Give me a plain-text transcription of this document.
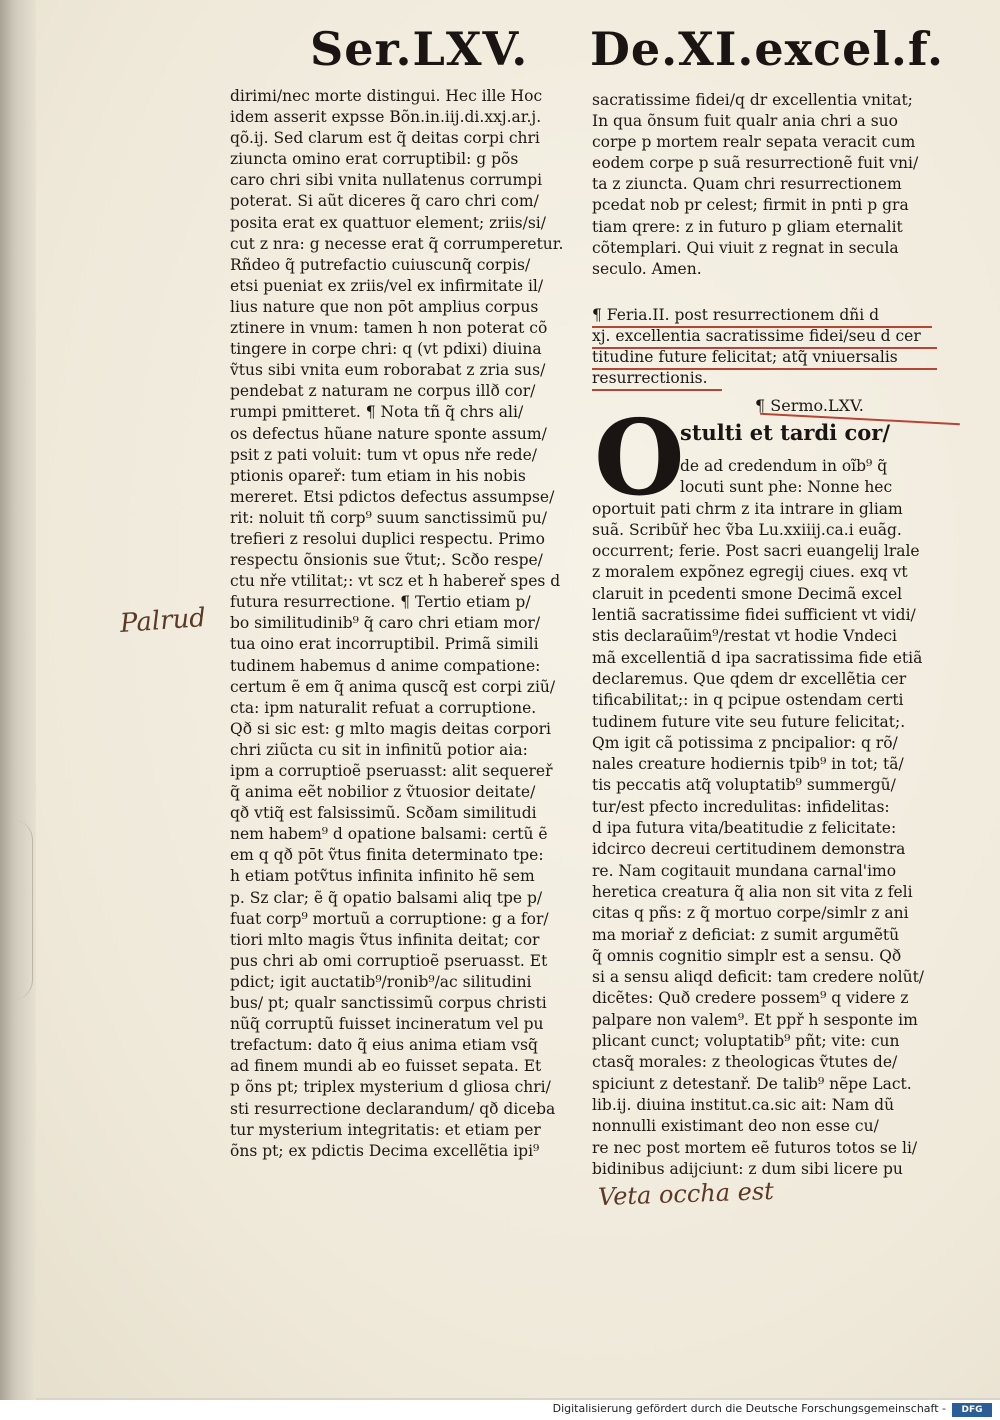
Ser.LXV. De.XI.excel.f.
dirimi/nec morte distingui. Hec ille Hoc
idem asserit expsse Bõn.in.iij.di.xxj.ar.j.
qõ.ij. Sed clarum est q̃ deitas corpi chri
ziuncta omino erat corruptibil: g põs
caro chri sibi vnita nullatenus corrumpi
poterat. Si aũt diceres q̃ caro chri com/
posita erat ex quattuor element; zriis/si/
cut z nra: g necesse erat q̃ corrumperetur.
Rñdeo q̃ putrefactio cuiuscunq̃ corpis/
etsi pueniat ex zriis/vel ex infirmitate il/
lius nature que non pōt amplius corpus
ztinere in vnum: tamen h non poterat cõ
tingere in corpe chri: q (vt pdixi) diuina
ṽtus sibi vnita eum roborabat z zria sus/
pendebat z naturam ne corpus illð cor/
rumpi pmitteret. ¶ Nota tñ q̃ chrs ali/
os defectus hũane nature sponte assum/
psit z pati voluit: tum vt opus nře rede/
ptionis opareř: tum etiam in his nobis
mereret. Etsi pdictos defectus assumpse/
rit: noluit tñ corp⁹ suum sanctissimũ pu/
trefieri z resolui duplici respectu. Primo
respectu õnsionis sue ṽtut;. Scðo respe/
ctu nře vtilitat;: vt scz et h habereř spes d
futura resurrectione. ¶ Tertio etiam p/
bo similitudinib⁹ q̃ caro chri etiam mor/
tua oino erat incorruptibil. Primã simili
tudinem habemus d anime compatione:
certum ẽ em q̃ anima quscq̃ est corpi ziũ/
cta: ipm naturalit refuat a corruptione.
Qð si sic est: g mlto magis deitas corpori
chri ziũcta cu sit in infinitũ potior aia:
ipm a corruptioẽ pseruasst: alit sequereř
q̃ anima eẽt nobilior z ṽtuosior deitate/
qð vtiq̃ est falsissimũ. Scðam similitudi
nem habem⁹ d opatione balsami: certũ ẽ
em q qð pōt ṽtus finita determinato tpe:
h etiam potṽtus infinita infinito hẽ sem
p. Sz clar; ẽ q̃ opatio balsami aliq tpe p/
fuat corp⁹ mortuũ a corruptione: g a for/
tiori mlto magis ṽtus infinita deitat; cor
pus chri ab omi corruptioẽ pseruasst. Et
pdict; igit auctatib⁹/ronib⁹/ac silitudini
bus/ pt; qualr sanctissimũ corpus christi
nũq̃ corruptũ fuisset incineratum vel pu
trefactum: dato q̃ eius anima etiam vsq̃
ad finem mundi ab eo fuisset sepata. Et
p õns pt; triplex mysterium d gliosa chri/
sti resurrectione declarandum/ qð diceba
tur mysterium integritatis: et etiam per
õns pt; ex pdictis Decima excellẽtia ipi⁹
sacratissime fidei/q dr excellentia vnitat;
In qua õnsum fuit qualr ania chri a suo
corpe p mortem realr sepata veracit cum
eodem corpe p suã resurrectionẽ fuit vni/
ta z ziuncta. Quam chri resurrectionem
pcedat nob pr celest; firmit in pnti p gra
tiam qrere: z in futuro p gliam eternalit
cõtemplari. Qui viuit z regnat in secula
seculo. Amen.
¶ Feria.II. post resurrectionem dñi d
xj. excellentia sacratissime fidei/seu d cer
titudine future felicitat; atq̃ vniuersalis
resurrectionis.
¶ Sermo.LXV.
O
stulti et tardi cor/
de ad credendum in oĩb⁹ q̃
locuti sunt phe: Nonne hec
oportuit pati chrm z ita intrare in gliam
suã. Scribũř hec ṽba Lu.xxiiij.ca.i euãg.
occurrent; ferie. Post sacri euangelij lrale
z moralem expõnez egregij ciues. exq vt
claruit in pcedenti smone Decimã excel
lentiã sacratissime fidei sufficient vt vidi/
stis declaraũim⁹/restat vt hodie Vndeci
mã excellentiã d ipa sacratissima fide etiã
declaremus. Que qdem dr excellẽtia cer
tificabilitat;: in q pcipue ostendam certi
tudinem future vite seu future felicitat;.
Qm igit cã potissima z pncipalior: q rõ/
nales creature hodiernis tpib⁹ in tot; tã/
tis peccatis atq̃ voluptatib⁹ summergũ/
tur/est pfecto incredulitas: infidelitas:
d ipa futura vita/beatitudie z felicitate:
idcirco decreui certitudinem demonstra
re. Nam cogitauit mundana carnal'imo
heretica creatura q̃ alia non sit vita z feli
citas q pñs: z q̃ mortuo corpe/simlr z ani
ma moriař z deficiat: z sumit argumẽtũ
q̃ omnis cognitio simplr est a sensu. Qð
si a sensu aliqd deficit: tam credere nolũt/
dicẽtes: Quð credere possem⁹ q videre z
palpare non valem⁹. Et ppř h sesponte im
plicant cunct; voluptatib⁹ pñt; vite: cun
ctasq̃ morales: z theologicas ṽtutes de/
spiciunt z detestanř. De talib⁹ nẽpe Lact.
lib.ij. diuina institut.ca.sic ait: Nam dũ
nonnulli existimant deo non esse cu/
re nec post mortem eẽ futuros totos se li/
bidinibus adijciunt: z dum sibi licere pu
Palrud
Veta occha est
Digitalisierung gefördert durch die Deutsche Forschungsgemeinschaft -	DFG
